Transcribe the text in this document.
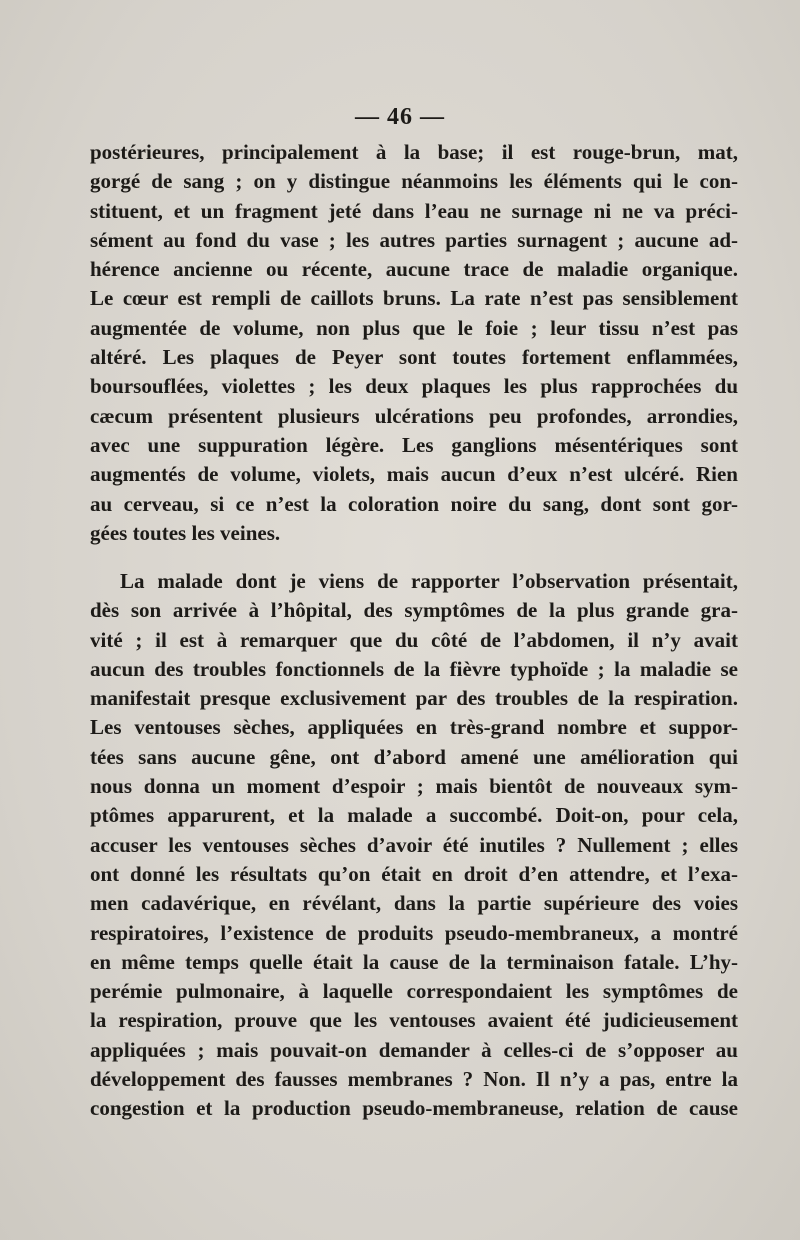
— 46 —
postérieures, principalement à la base; il est rouge-brun, mat,
gorgé de sang ; on y distingue néanmoins les éléments qui le con-
stituent, et un fragment jeté dans l’eau ne surnage ni ne va préci-
sément au fond du vase ; les autres parties surnagent ; aucune ad-
hérence ancienne ou récente, aucune trace de maladie organique.
Le cœur est rempli de caillots bruns. La rate n’est pas sensiblement
augmentée de volume, non plus que le foie ; leur tissu n’est pas
altéré. Les plaques de Peyer sont toutes fortement enflammées,
boursouflées, violettes ; les deux plaques les plus rapprochées du
cæcum présentent plusieurs ulcérations peu profondes, arrondies,
avec une suppuration légère. Les ganglions mésentériques sont
augmentés de volume, violets, mais aucun d’eux n’est ulcéré. Rien
au cerveau, si ce n’est la coloration noire du sang, dont sont gor-
gées toutes les veines.
La malade dont je viens de rapporter l’observation présentait,
dès son arrivée à l’hôpital, des symptômes de la plus grande gra-
vité ; il est à remarquer que du côté de l’abdomen, il n’y avait
aucun des troubles fonctionnels de la fièvre typhoïde ; la maladie se
manifestait presque exclusivement par des troubles de la respiration.
Les ventouses sèches, appliquées en très-grand nombre et suppor-
tées sans aucune gêne, ont d’abord amené une amélioration qui
nous donna un moment d’espoir ; mais bientôt de nouveaux sym-
ptômes apparurent, et la malade a succombé. Doit-on, pour cela,
accuser les ventouses sèches d’avoir été inutiles ? Nullement ; elles
ont donné les résultats qu’on était en droit d’en attendre, et l’exa-
men cadavérique, en révélant, dans la partie supérieure des voies
respiratoires, l’existence de produits pseudo-membraneux, a montré
en même temps quelle était la cause de la terminaison fatale. L’hy-
perémie pulmonaire, à laquelle correspondaient les symptômes de
la respiration, prouve que les ventouses avaient été judicieusement
appliquées ; mais pouvait-on demander à celles-ci de s’opposer au
développement des fausses membranes ? Non. Il n’y a pas, entre la
congestion et la production pseudo-membraneuse, relation de cause
